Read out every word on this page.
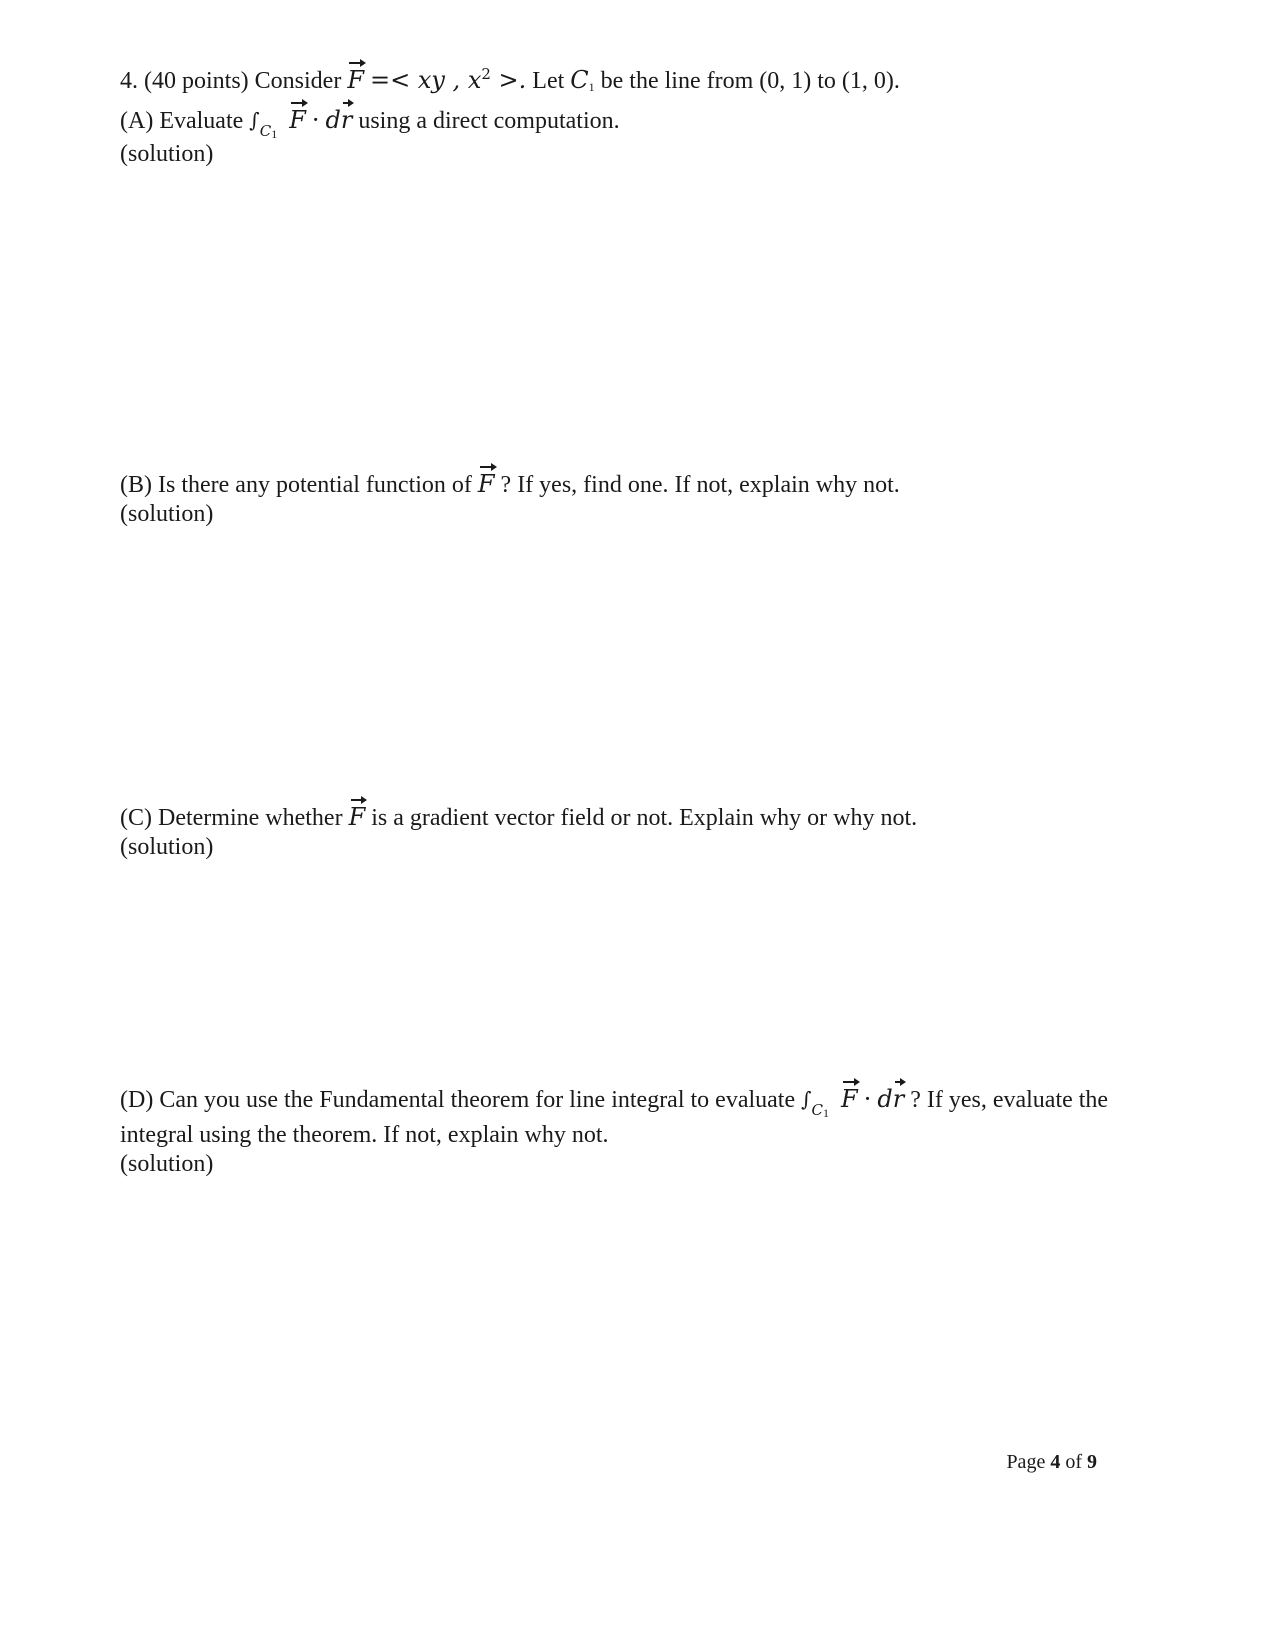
4. (40 points) Consider F =< xy , $x^2$ >. Let C1 be the line from (0, 1) to (1, 0).
(A) Evaluate $\int_{C1}$ F · dr using a direct computation.
(solution)
(B) Is there any potential function of F ? If yes, find one. If not, explain why not.
(solution)
(C) Determine whether F is a gradient vector field or not. Explain why or why not.
(solution)
(D) Can you use the Fundamental theorem for line integral to evaluate $\int_{C1}$ F · dr ? If yes, evaluate the
integral using the theorem. If not, explain why not.
(solution)
Page 4 of 9
